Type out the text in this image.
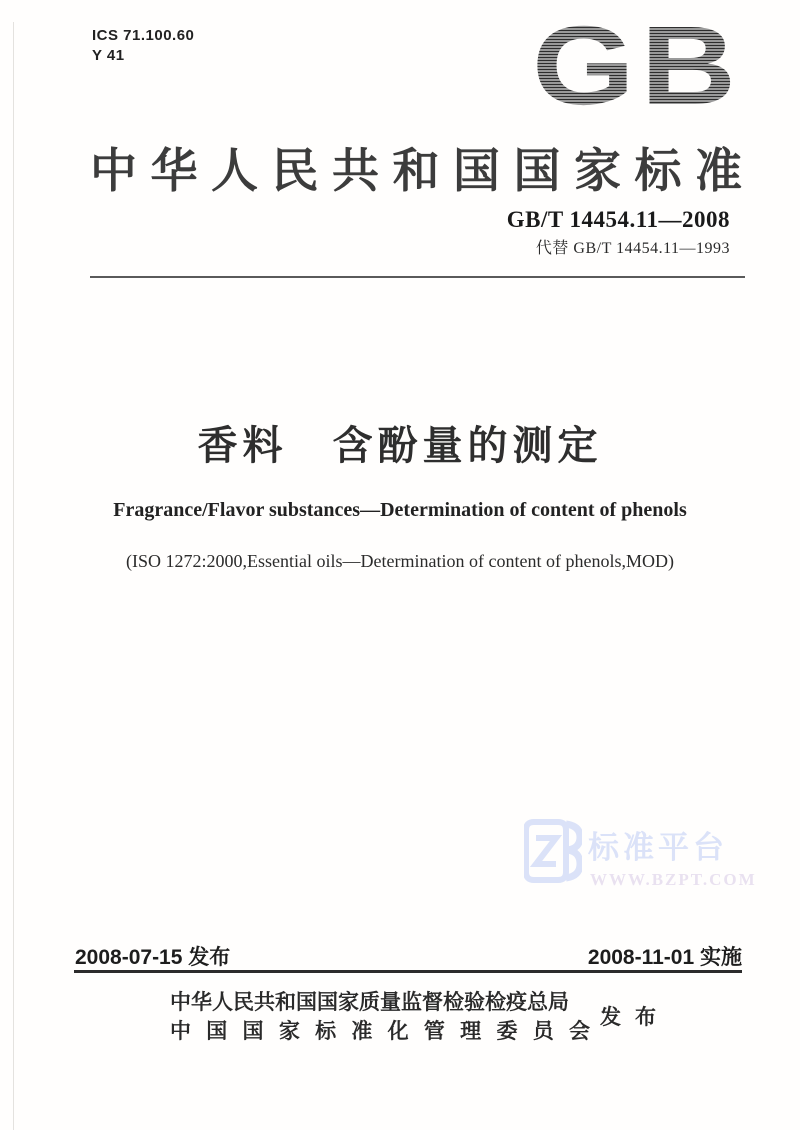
ICS 71.100.60
Y 41	GB
中华人民共和国国家标准
GB/T 14454.11—2008
代替 GB/T 14454.11—1993
香料　含酚量的测定
Fragrance/Flavor substances—Determination of content of phenols
(ISO 1272:2000,Essential oils—Determination of content of phenols,MOD)
标准平台
WWW.BZPT.COM
2008-07-15 发布	2008-11-01 实施
中华人民共和国国家质量监督检验检疫总局
中国国家标准化管理委员会
发布
